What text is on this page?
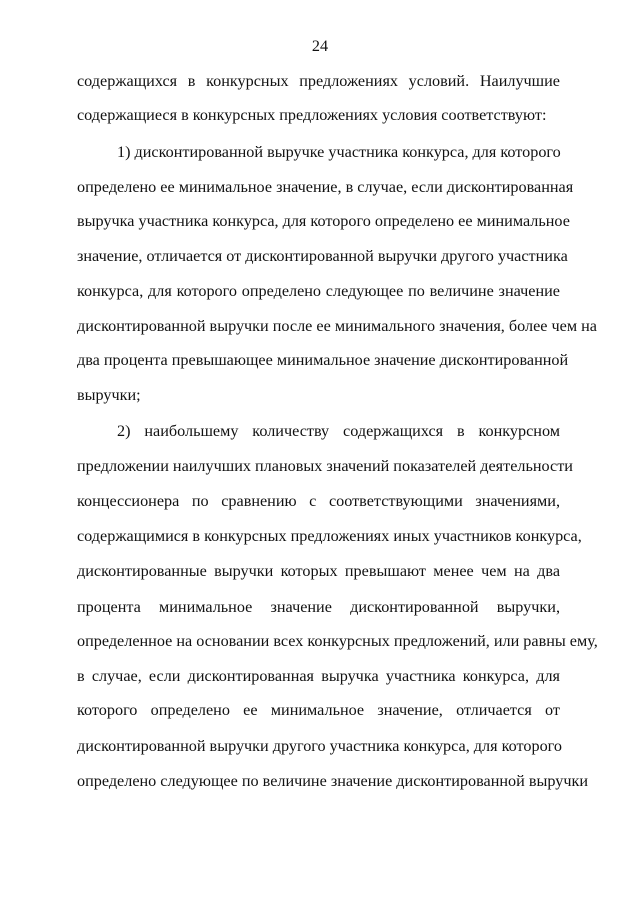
24
содержащихся в конкурсных предложениях условий. Наилучшие
содержащиеся в конкурсных предложениях условия соответствуют:
1) дисконтированной выручке участника конкурса, для которого
определено ее минимальное значение, в случае, если дисконтированная
выручка участника конкурса, для которого определено ее минимальное
значение, отличается от дисконтированной выручки другого участника
конкурса, для которого определено следующее по величине значение
дисконтированной выручки после ее минимального значения, более чем на
два процента превышающее минимальное значение дисконтированной
выручки;
2) наибольшему количеству содержащихся в конкурсном
предложении наилучших плановых значений показателей деятельности
концессионера по сравнению с соответствующими значениями,
содержащимися в конкурсных предложениях иных участников конкурса,
дисконтированные выручки которых превышают менее чем на два
процента минимальное значение дисконтированной выручки,
определенное на основании всех конкурсных предложений, или равны ему,
в случае, если дисконтированная выручка участника конкурса, для
которого определено ее минимальное значение, отличается от
дисконтированной выручки другого участника конкурса, для которого
определено следующее по величине значение дисконтированной выручки
